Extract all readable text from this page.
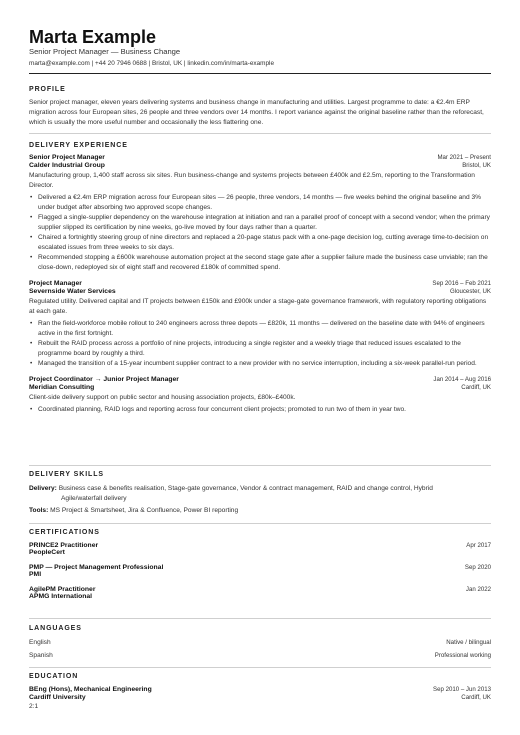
Marta Example
Senior Project Manager — Business Change
marta@example.com | +44 20 7946 0688 | Bristol, UK | linkedin.com/in/marta-example
PROFILE

Senior project manager, eleven years delivering systems and business change in manufacturing and utilities. Largest programme to date: a €2.4m ERP migration across four European sites, 26 people and three vendors over 14 months. I report variance against the original baseline rather than the reforecast, which is usually the more useful number and occasionally the less flattering one.

DELIVERY EXPERIENCE
Senior Project Manager	Mar 2021 – Present
Calder Industrial Group	Bristol, UK

Manufacturing group, 1,400 staff across six sites. Run business-change and systems projects between £400k and £2.5m, reporting to the Transformation Director.

• Delivered a €2.4m ERP migration across four European sites — 26 people, three vendors, 14 months — five weeks behind the original baseline and 3% under budget after absorbing two approved scope changes.
• Flagged a single-supplier dependency on the warehouse integration at initiation and ran a parallel proof of concept with a second vendor; when the primary supplier slipped its certification by nine weeks, go-live moved by four days rather than a quarter.
• Chaired a fortnightly steering group of nine directors and replaced a 20-page status pack with a one-page decision log, cutting average time-to-decision on escalated issues from three weeks to six days.
• Recommended stopping a £600k warehouse automation project at the second stage gate after a supplier failure made the business case unviable; ran the close-down, redeployed six of eight staff and recovered £180k of committed spend.
Project Manager	Sep 2016 – Feb 2021
Severnside Water Services	Gloucester, UK

Regulated utility. Delivered capital and IT projects between £150k and £900k under a stage-gate governance framework, with regulatory reporting obligations at each gate.

• Ran the field-workforce mobile rollout to 240 engineers across three depots — £820k, 11 months — delivered on the baseline date with 94% of engineers active in the first fortnight.
• Rebuilt the RAID process across a portfolio of nine projects, introducing a single register and a weekly triage that reduced issues escalated to the programme board by roughly a third.
• Managed the transition of a 15-year incumbent supplier contract to a new provider with no service interruption, including a six-week parallel-run period.
Project Coordinator → Junior Project Manager	Jan 2014 – Aug 2016
Meridian Consulting	Cardiff, UK

Client-side delivery support on public sector and housing association projects, £80k–£400k.

• Coordinated planning, RAID logs and reporting across four concurrent client projects; promoted to run two of them in year two.
DELIVERY SKILLS
Delivery: Business case & benefits realisation, Stage-gate governance, Vendor & contract management, RAID and change control, Hybrid
Agile/waterfall delivery
Tools: MS Project & Smartsheet, Jira & Confluence, Power BI reporting
CERTIFICATIONS
PRINCE2 Practitioner	Apr 2017
PeopleCert
PMP — Project Management Professional	Sep 2020
PMI
AgilePM Practitioner	Jan 2022
APMG International
LANGUAGES
English	Native / bilingual
Spanish	Professional working
EDUCATION
BEng (Hons), Mechanical Engineering	Sep 2010 – Jun 2013
Cardiff University	Cardiff, UK
2:1
